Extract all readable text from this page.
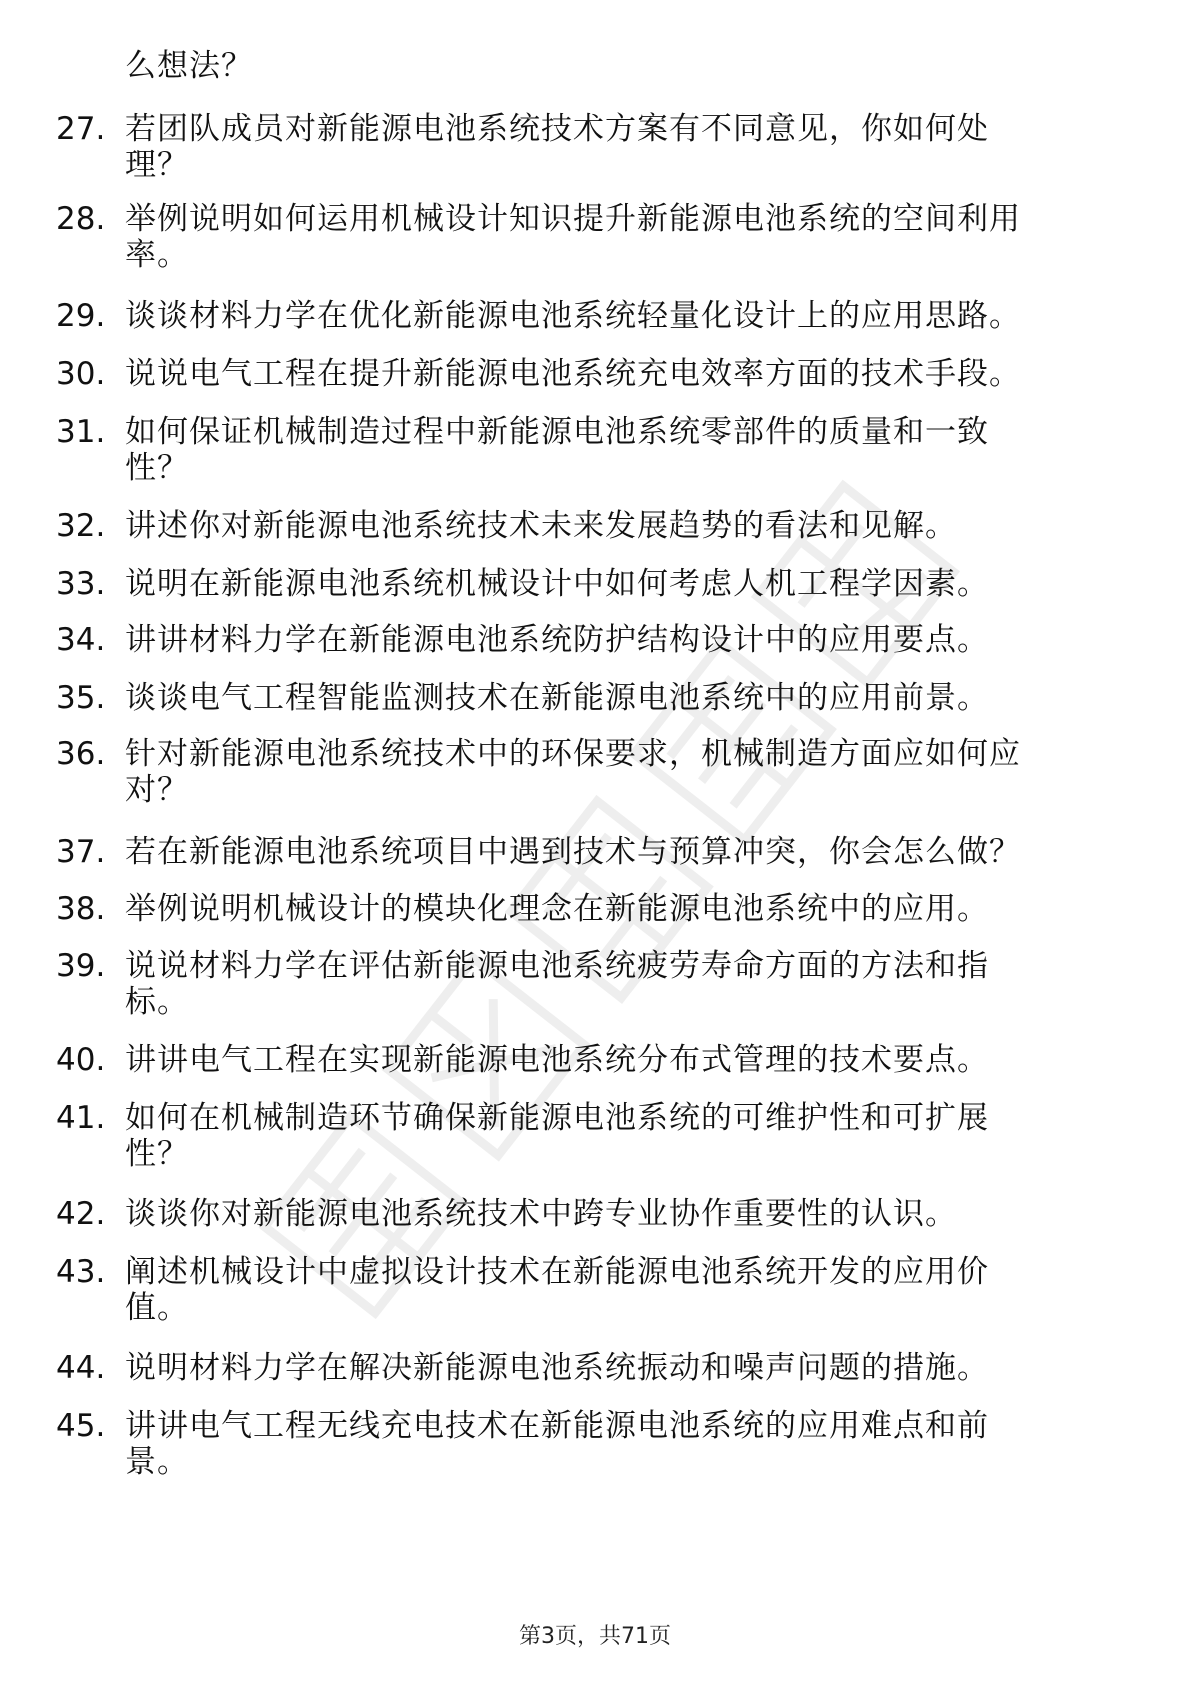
么想法？
27. 若团队成员对新能源电池系统技术方案有不同意见，你如何处
理？
28. 举例说明如何运用机械设计知识提升新能源电池系统的空间利用
率。
29. 谈谈材料力学在优化新能源电池系统轻量化设计上的应用思路。
30. 说说电气工程在提升新能源电池系统充电效率方面的技术手段。
31. 如何保证机械制造过程中新能源电池系统零部件的质量和一致
性？
32. 讲述你对新能源电池系统技术未来发展趋势的看法和见解。
33. 说明在新能源电池系统机械设计中如何考虑人机工程学因素。
34. 讲讲材料力学在新能源电池系统防护结构设计中的应用要点。
35. 谈谈电气工程智能监测技术在新能源电池系统中的应用前景。
36. 针对新能源电池系统技术中的环保要求，机械制造方面应如何应
对？
37. 若在新能源电池系统项目中遇到技术与预算冲突，你会怎么做？
38. 举例说明机械设计的模块化理念在新能源电池系统中的应用。
39. 说说材料力学在评估新能源电池系统疲劳寿命方面的方法和指
标。
40. 讲讲电气工程在实现新能源电池系统分布式管理的技术要点。
41. 如何在机械制造环节确保新能源电池系统的可维护性和可扩展
性？
42. 谈谈你对新能源电池系统技术中跨专业协作重要性的认识。
43. 阐述机械设计中虚拟设计技术在新能源电池系统开发的应用价
值。
44. 说明材料力学在解决新能源电池系统振动和噪声问题的措施。
45. 讲讲电气工程无线充电技术在新能源电池系统的应用难点和前
景。
第3页，共71页
